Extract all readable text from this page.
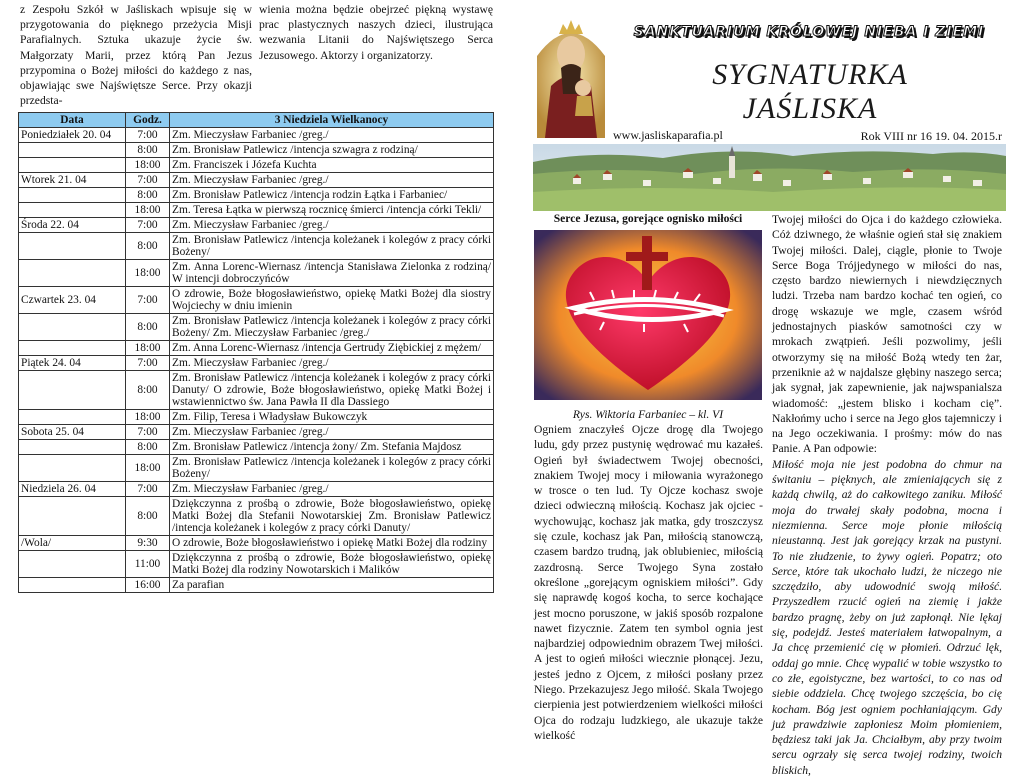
z Zespołu Szkół w Jaśliskach wpisuje się w przygotowania do pięknego przeżycia Misji Parafialnych. Sztuka ukazuje życie św. Małgorzaty Marii, przez którą Pan Jezus przypomina o Bożej miłości do każdego z nas, objawiając swe Najświętsze Serce. Przy okazji przedsta-
wienia można będzie obejrzeć piękną wystawę prac plastycznych naszych dzieci, ilustrująca wezwania Litanii do Najświętszego Serca Jezusowego. Aktorzy i organizatorzy.
Data	Godz.	3 Niedziela Wielkanocy
Poniedziałek 20. 04	7:00	Zm. Mieczysław Farbaniec /greg./
	8:00	Zm. Bronisław Patlewicz /intencja szwagra z rodziną/
	18:00	Zm. Franciszek i Józefa Kuchta
Wtorek 21. 04	7:00	Zm. Mieczysław Farbaniec /greg./
	8:00	Zm. Bronisław Patlewicz /intencja rodzin Łątka i Farbaniec/
	18:00	Zm. Teresa Łątka w pierwszą rocznicę śmierci /intencja córki Tekli/
Środa 22. 04	7:00	Zm. Mieczysław Farbaniec /greg./
	8:00	Zm. Bronisław Patlewicz /intencja koleżanek i kolegów z pracy córki Bożeny/
	18:00	Zm. Anna Lorenc-Wiernasz /intencja Stanisława Zielonka z rodziną/ W intencji dobroczyńców
Czwartek 23. 04	7:00	O zdrowie, Boże błogosławieństwo, opiekę Matki Bożej dla siostry Wojciechy w dniu imienin
	8:00	Zm. Bronisław Patlewicz /intencja koleżanek i kolegów z pracy córki Bożeny/ Zm. Mieczysław Farbaniec /greg./
	18:00	Zm. Anna Lorenc-Wiernasz /intencja Gertrudy Ziębickiej z mężem/
Piątek 24. 04	7:00	Zm. Mieczysław Farbaniec /greg./
	8:00	Zm. Bronisław Patlewicz /intencja koleżanek i kolegów z pracy córki Danuty/ O zdrowie, Boże błogosławieństwo, opiekę Matki Bożej i wstawiennictwo św. Jana Pawła II dla Dassiego
	18:00	Zm. Filip, Teresa i Władysław Bukowczyk
Sobota 25. 04	7:00	Zm. Mieczysław Farbaniec /greg./
	8:00	Zm. Bronisław Patlewicz /intencja żony/ Zm. Stefania Majdosz
	18:00	Zm. Bronisław Patlewicz /intencja koleżanek i kolegów z pracy córki Bożeny/
Niedziela 26. 04	7:00	Zm. Mieczysław Farbaniec /greg./
	8:00	Dziękczynna z prośbą o zdrowie, Boże błogosławieństwo, opiekę Matki Bożej dla Stefanii Nowotarskiej Zm. Bronisław Patlewicz /intencja koleżanek i kolegów z pracy córki Danuty/
/Wola/	9:30	O zdrowie, Boże błogosławieństwo i opiekę Matki Bożej dla rodziny
	11:00	Dziękczynna z prośbą o zdrowie, Boże błogosławieństwo, opiekę Matki Bożej dla rodziny Nowotarskich i Malików
	16:00	Za parafian
SANKTUARIUM KRÓLOWEJ NIEBA I ZIEMI
SYGNATURKA
JAŚLISKA
www.jasliskaparafia.pl	Rok VIII nr 16 19. 04. 2015.r
Serce Jezusa, gorejące ognisko miłości
Rys. Wiktoria Farbaniec – kl. VI
Ogniem znaczyłeś Ojcze drogę dla Twojego ludu, gdy przez pustynię wędrować mu kazałeś. Ogień był świadectwem Twojej obecności, znakiem Twojej mocy i miłowania wyrażonego w trosce o ten lud. Ty Ojcze kochasz swoje dzieci odwieczną miłością. Kochasz jak ojciec -wychowując, kochasz jak matka, gdy troszczysz się czule, kochasz jak Pan, miłością stanowczą, czasem bardzo trudną, jak oblubieniec, miłością zazdrosną. Serce Twojego Syna zostało określone „gorejącym ogniskiem miłości”. Gdy się naprawdę kogoś kocha, to serce kochające jest mocno poruszone, w jakiś sposób rozpalone nawet fizycznie. Zatem ten symbol ognia jest najbardziej odpowiednim obrazem Twej miłości. A jest to ogień miłości wiecznie płonącej. Jezu, jesteś jedno z Ojcem, z miłości posłany przez Niego. Przekazujesz Jego miłość. Skala Twojego cierpienia jest potwierdzeniem wielkości miłości Ojca do rodzaju ludzkiego, ale ukazuje także wielkość

Twojej miłości do Ojca i do każdego człowieka. Cóż dziwnego, że właśnie ogień stał się znakiem Twojej miłości. Dalej, ciągle, płonie to Twoje Serce Boga Trójjedynego w miłości do nas, często bardzo niewiernych i niewdzięcznych ludzi. Trzeba nam bardzo kochać ten ogień, co drogę wskazuje we mgle, czasem wśród jednostajnych piasków samotności czy w mrokach zwątpień. Jeśli pozwolimy, jeśli otworzymy się na miłość Bożą wtedy ten żar, przeniknie aż w najdalsze głębiny naszego serca; jak sygnał, jak zapewnienie, jak najwspanialsza wiadomość: „jestem blisko i kocham cię”. Nakłońmy ucho i serce na Jego głos tajemniczy i na Jego oczekiwania. I prośmy: mów do nas Panie. A Pan odpowie:

Miłość moja nie jest podobna do chmur na świtaniu – pięknych, ale zmieniających się z każdą chwilą, aż do całkowitego zaniku. Miłość moja do trwałej skały podobna, mocna i niezmienna. Serce moje płonie miłością nieustanną. Jest jak gorejący krzak na pustyni. To nie złudzenie, to żywy ogień. Popatrz; oto Serce, które tak ukochało ludzi, że niczego nie szczędziło, aby udowodnić swoją miłość. Przyszedłem rzucić ogień na ziemię i jakże bardzo pragnę, żeby on już zapłonął. Nie lękaj się, podejdź. Jesteś materiałem łatwopalnym, a Ja chcę przemienić cię w płomień. Odrzuć lęk, oddaj go mnie. Chcę wypalić w tobie wszystko to co złe, egoistyczne, bez wartości, to co nas od siebie oddziela. Chcę twojego szczęścia, bo cię kocham. Bóg jest ogniem pochłaniającym. Gdy już prawdziwie zapłoniesz Moim płomieniem, będziesz taki jak Ja. Chciałbym, aby przy twoim sercu ogrzały się serca twojej rodziny, twoich bliskich,
